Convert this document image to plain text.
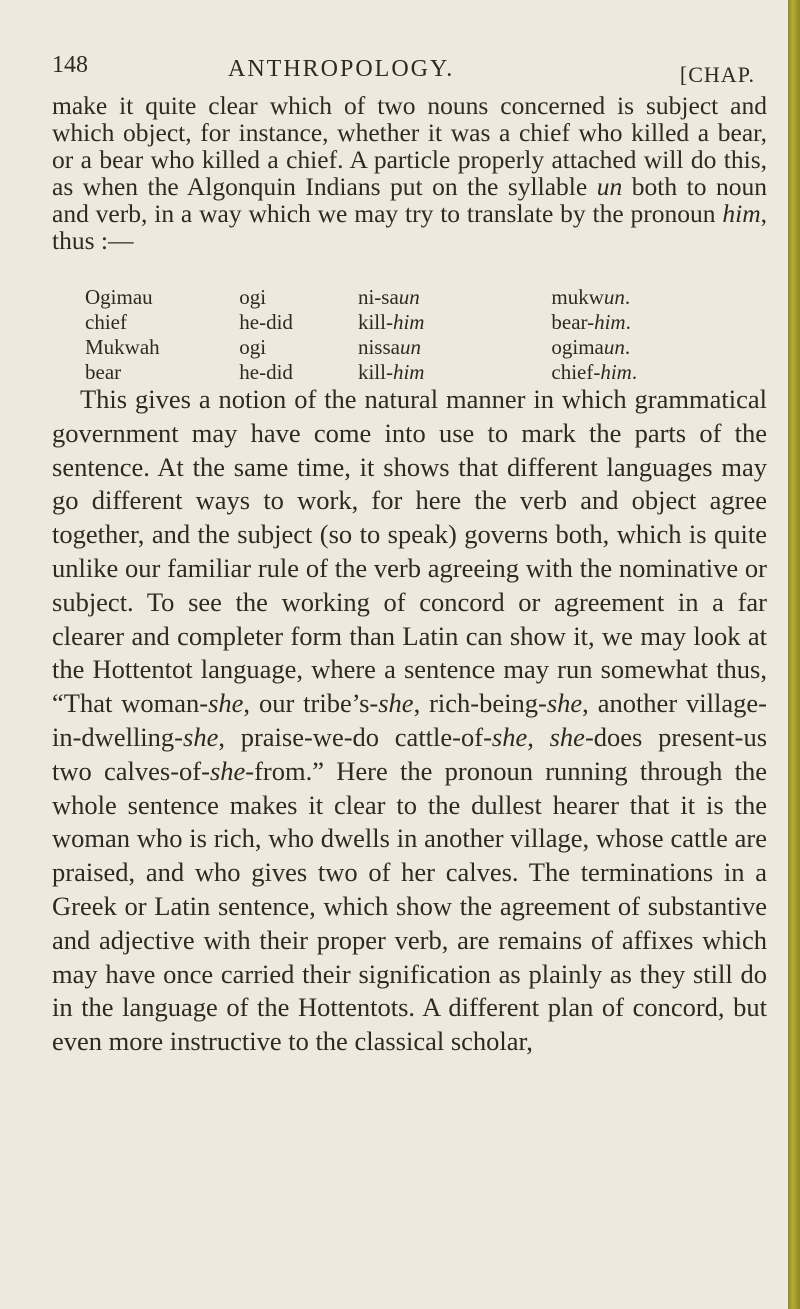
148	ANTHROPOLOGY.	[CHAP.

make it quite clear which of two nouns concerned is subject and which object, for instance, whether it was a chief who killed a bear, or a bear who killed a chief. A particle properly attached will do this, as when the Algonquin Indians put on the syllable un both to noun and verb, in a way which we may try to translate by the pronoun him, thus :—

Ogimau	ogi	ni-saun	mukwun.
chief	he-did	kill-him	bear-him.
Mukwah	ogi	nissaun	ogimaun.
bear	he-did	kill-him	chief-him.

This gives a notion of the natural manner in which grammatical government may have come into use to mark the parts of the sentence. At the same time, it shows that different languages may go different ways to work, for here the verb and object agree together, and the subject (so to speak) governs both, which is quite unlike our familiar rule of the verb agreeing with the nominative or subject. To see the working of concord or agreement in a far clearer and completer form than Latin can show it, we may look at the Hottentot language, where a sentence may run somewhat thus, “That woman-she, our tribe’s-she, rich-being-she, another village-in-dwelling-she, praise-we-do cattle-of-she, she-does present-us two calves-of-she-from.” Here the pronoun running through the whole sentence makes it clear to the dullest hearer that it is the woman who is rich, who dwells in another village, whose cattle are praised, and who gives two of her calves. The terminations in a Greek or Latin sentence, which show the agreement of substantive and adjective with their proper verb, are remains of affixes which may have once carried their signification as plainly as they still do in the language of the Hottentots. A different plan of concord, but even more instructive to the classical scholar,
